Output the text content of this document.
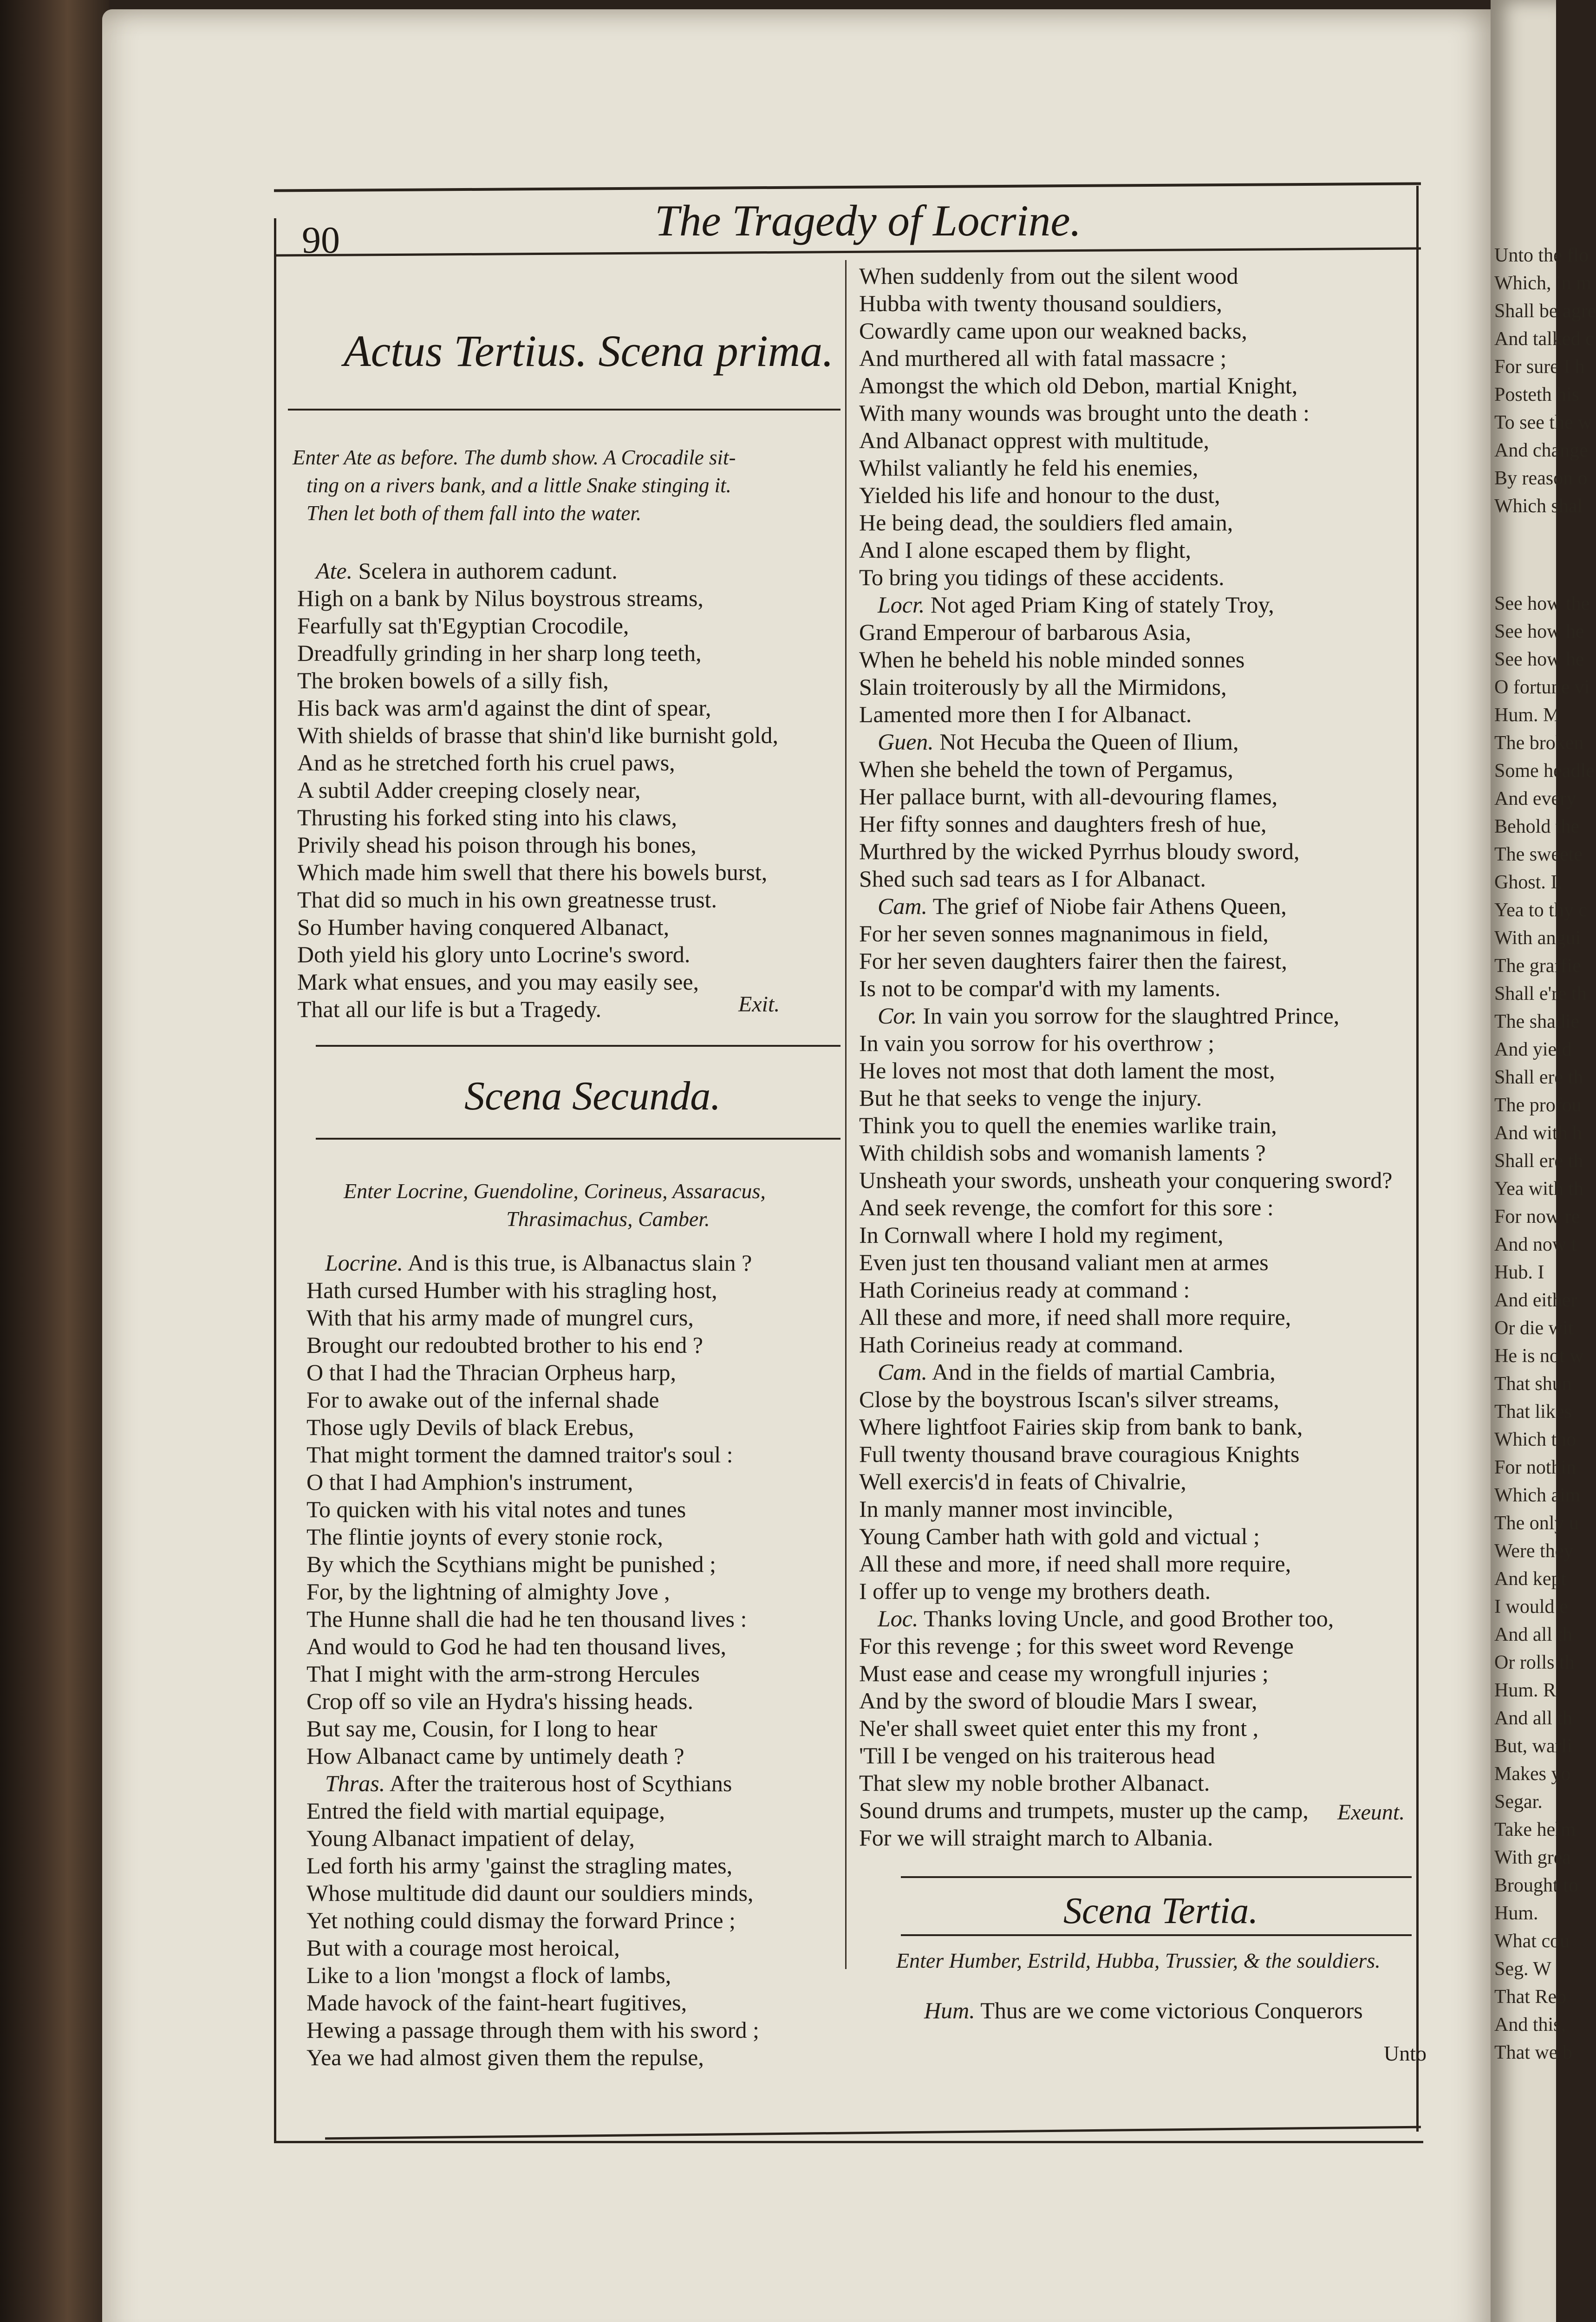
Unto the flo
Which, in m
Shall be agre
And talked c
For sure I h
Posteth his
To see the w
And change
By reason o
Which shal
See how the
See how he
See how he
O fortune vi
Hum. M
The broken
Some headle
And every
Behold the
The sweete
Ghost. I,
Yea to thy c
With angui
The graffie
Shall e're th
The shadie
And yield
Shall ere th
The profou
And with h
Shall ere th
Yea with th
For now re
And now t
Hub. I
And either
Or die wit
He is not w
That shun
That likes
Which tho
For nothin
Which aim
The only u
Were they
And kept
I would e
And all th
Or rolls th
Hum. R
And all th
But, warli
Makes yo
Segar.
Take helm
With grea
Brought to
Hum.
What cou
Seg. W
That Reb
And this,
That we b
90	The Tragedy of Locrine.
Actus Tertius. Scena prima.
Enter Ate as before. The dumb show. A Crocadile sit-
ting on a rivers bank, and a little Snake stinging it.
Then let both of them fall into the water.
Ate. Scelera in authorem cadunt.
High on a bank by Nilus boystrous streams,
Fearfully sat th'Egyptian Crocodile,
Dreadfully grinding in her sharp long teeth,
The broken bowels of a silly fish,
His back was arm'd against the dint of spear,
With shields of brasse that shin'd like burnisht gold,
And as he stretched forth his cruel paws,
A subtil Adder creeping closely near,
Thrusting his forked sting into his claws,
Privily shead his poison through his bones,
Which made him swell that there his bowels burst,
That did so much in his own greatnesse trust.
So Humber having conquered Albanact,
Doth yield his glory unto Locrine's sword.
Mark what ensues, and you may easily see,
That all our life is but a Tragedy.	Exit.
Scena Secunda.
Enter Locrine, Guendoline, Corineus, Assaracus,
Thrasimachus, Camber.
Locrine. And is this true, is Albanactus slain ?
Hath cursed Humber with his stragling host,
With that his army made of mungrel curs,
Brought our redoubted brother to his end ?
O that I had the Thracian Orpheus harp,
For to awake out of the infernal shade
Those ugly Devils of black Erebus,
That might torment the damned traitor's soul :
O that I had Amphion's instrument,
To quicken with his vital notes and tunes
The flintie joynts of every stonie rock,
By which the Scythians might be punished ;
For, by the lightning of almighty Jove ,
The Hunne shall die had he ten thousand lives :
And would to God he had ten thousand lives,
That I might with the arm-strong Hercules
Crop off so vile an Hydra's hissing heads.
But say me, Cousin, for I long to hear
How Albanact came by untimely death ?
Thras. After the traiterous host of Scythians
Entred the field with martial equipage,
Young Albanact impatient of delay,
Led forth his army 'gainst the stragling mates,
Whose multitude did daunt our souldiers minds,
Yet nothing could dismay the forward Prince ;
But with a courage most heroical,
Like to a lion 'mongst a flock of lambs,
Made havock of the faint-heart fugitives,
Hewing a passage through them with his sword ;
Yea we had almost given them the repulse,
When suddenly from out the silent wood
Hubba with twenty thousand souldiers,
Cowardly came upon our weakned backs,
And murthered all with fatal massacre ;
Amongst the which old Debon, martial Knight,
With many wounds was brought unto the death :
And Albanact opprest with multitude,
Whilst valiantly he feld his enemies,
Yielded his life and honour to the dust,
He being dead, the souldiers fled amain,
And I alone escaped them by flight,
To bring you tidings of these accidents.
Locr. Not aged Priam King of stately Troy,
Grand Emperour of barbarous Asia,
When he beheld his noble minded sonnes
Slain troiterously by all the Mirmidons,
Lamented more then I for Albanact.
Guen. Not Hecuba the Queen of Ilium,
When she beheld the town of Pergamus,
Her pallace burnt, with all-devouring flames,
Her fifty sonnes and daughters fresh of hue,
Murthred by the wicked Pyrrhus bloudy sword,
Shed such sad tears as I for Albanact.
Cam. The grief of Niobe fair Athens Queen,
For her seven sonnes magnanimous in field,
For her seven daughters fairer then the fairest,
Is not to be compar'd with my laments.
Cor. In vain you sorrow for the slaughtred Prince,
In vain you sorrow for his overthrow ;
He loves not most that doth lament the most,
But he that seeks to venge the injury.
Think you to quell the enemies warlike train,
With childish sobs and womanish laments ?
Unsheath your swords, unsheath your conquering sword?
And seek revenge, the comfort for this sore :
In Cornwall where I hold my regiment,
Even just ten thousand valiant men at armes
Hath Corineius ready at command :
All these and more, if need shall more require,
Hath Corineius ready at command.
Cam. And in the fields of martial Cambria,
Close by the boystrous Iscan's silver streams,
Where lightfoot Fairies skip from bank to bank,
Full twenty thousand brave couragious Knights
Well exercis'd in feats of Chivalrie,
In manly manner most invincible,
Young Camber hath with gold and victual ;
All these and more, if need shall more require,
I offer up to venge my brothers death.
Loc. Thanks loving Uncle, and good Brother too,
For this revenge ; for this sweet word Revenge
Must ease and cease my wrongfull injuries ;
And by the sword of bloudie Mars I swear,
Ne'er shall sweet quiet enter this my front ,
'Till I be venged on his traiterous head
That slew my noble brother Albanact.
Sound drums and trumpets, muster up the camp,
For we will straight march to Albania.
Exeunt.
Scena Tertia.
Enter Humber, Estrild, Hubba, Trussier, & the souldiers.
Hum. Thus are we come victorious Conquerors
Unto
